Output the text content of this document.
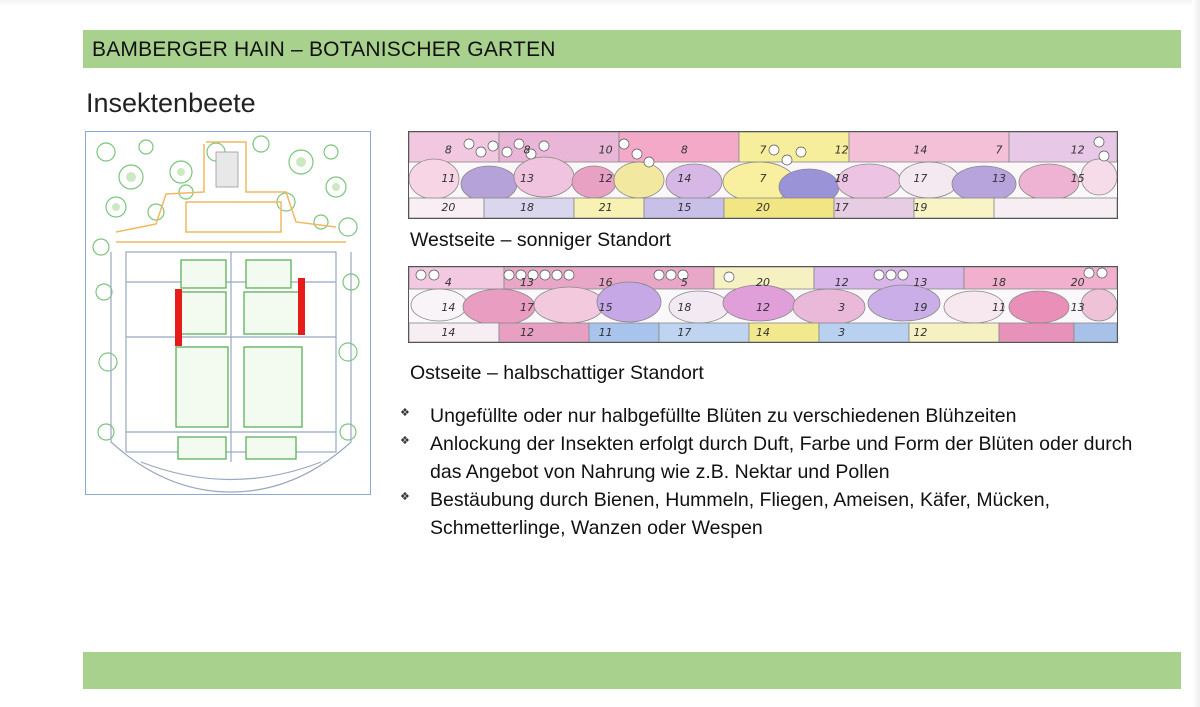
BAMBERGER HAIN – BOTANISCHER GARTEN
Insektenbeete
8	8	10	8	7	12	14	7	12
11	13	12	14	7	18	17	13	15
20	18	21	15	20	17	19
Westseite – sonniger Standort
4	13	16	5	20	12	13	18	20
14	17	15	18	12	3	19	11	13
14	12	11	17	14	3	12
Ostseite – halbschattiger Standort
❖ Ungefüllte oder nur halbgefüllte Blüten zu verschiedenen Blühzeiten
❖ Anlockung der Insekten erfolgt durch Duft, Farbe und Form der Blüten oder durch das Angebot von Nahrung wie z.B. Nektar und Pollen
❖ Bestäubung durch Bienen, Hummeln, Fliegen, Ameisen, Käfer, Mücken, Schmetterlinge, Wanzen oder Wespen
